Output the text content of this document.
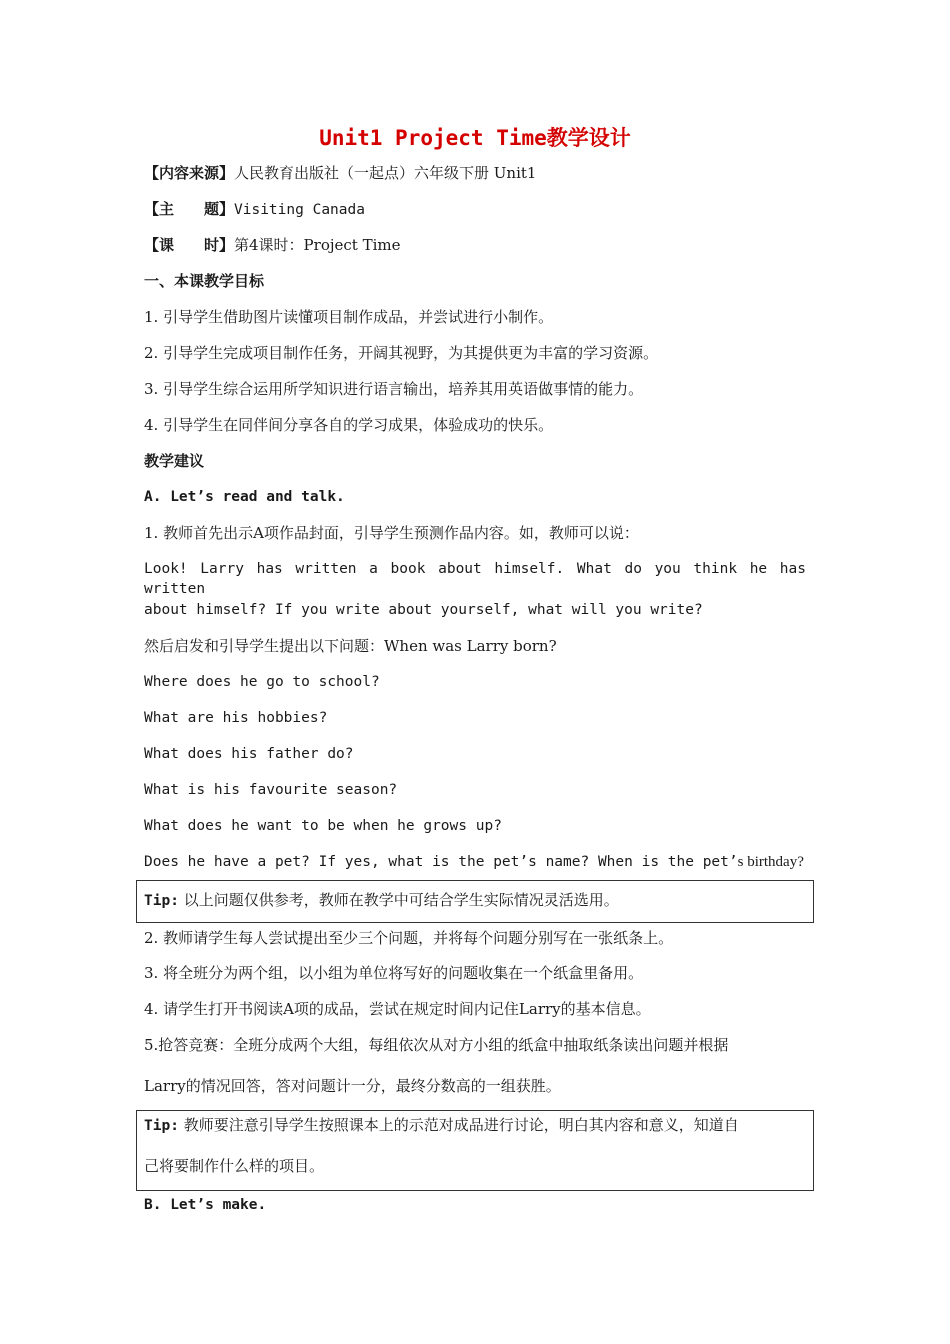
Unit1 Project Time教学设计
【内容来源】人民教育出版社（一起点）六年级下册 Unit1
【主　　题】Visiting Canada
【课　　时】第4课时：Project Time
一、本课教学目标
1. 引导学生借助图片读懂项目制作成品，并尝试进行小制作。
2. 引导学生完成项目制作任务，开阔其视野，为其提供更为丰富的学习资源。
3. 引导学生综合运用所学知识进行语言输出，培养其用英语做事情的能力。
4. 引导学生在同伴间分享各自的学习成果，体验成功的快乐。
教学建议
A. Let’s read and talk.
1. 教师首先出示A项作品封面，引导学生预测作品内容。如，教师可以说：
Look! Larry has written a book about himself. What do you think he has written
about himself? If you write about yourself, what will you write?
然后启发和引导学生提出以下问题：When was Larry born?
Where does he go to school?
What are his hobbies?
What does his father do?
What is his favourite season?
What does he want to be when he grows up?
Does he have a pet? If yes, what is the pet’s name? When is the pet’s birthday?
Tip: 以上问题仅供参考，教师在教学中可结合学生实际情况灵活选用。
2. 教师请学生每人尝试提出至少三个问题，并将每个问题分别写在一张纸条上。
3. 将全班分为两个组，以小组为单位将写好的问题收集在一个纸盒里备用。
4. 请学生打开书阅读A项的成品，尝试在规定时间内记住Larry的基本信息。
5.抢答竞赛：全班分成两个大组，每组依次从对方小组的纸盒中抽取纸条读出问题并根据
Larry的情况回答，答对问题计一分，最终分数高的一组获胜。
Tip: 教师要注意引导学生按照课本上的示范对成品进行讨论，明白其内容和意义，知道自
己将要制作什么样的项目。
B. Let’s make.
